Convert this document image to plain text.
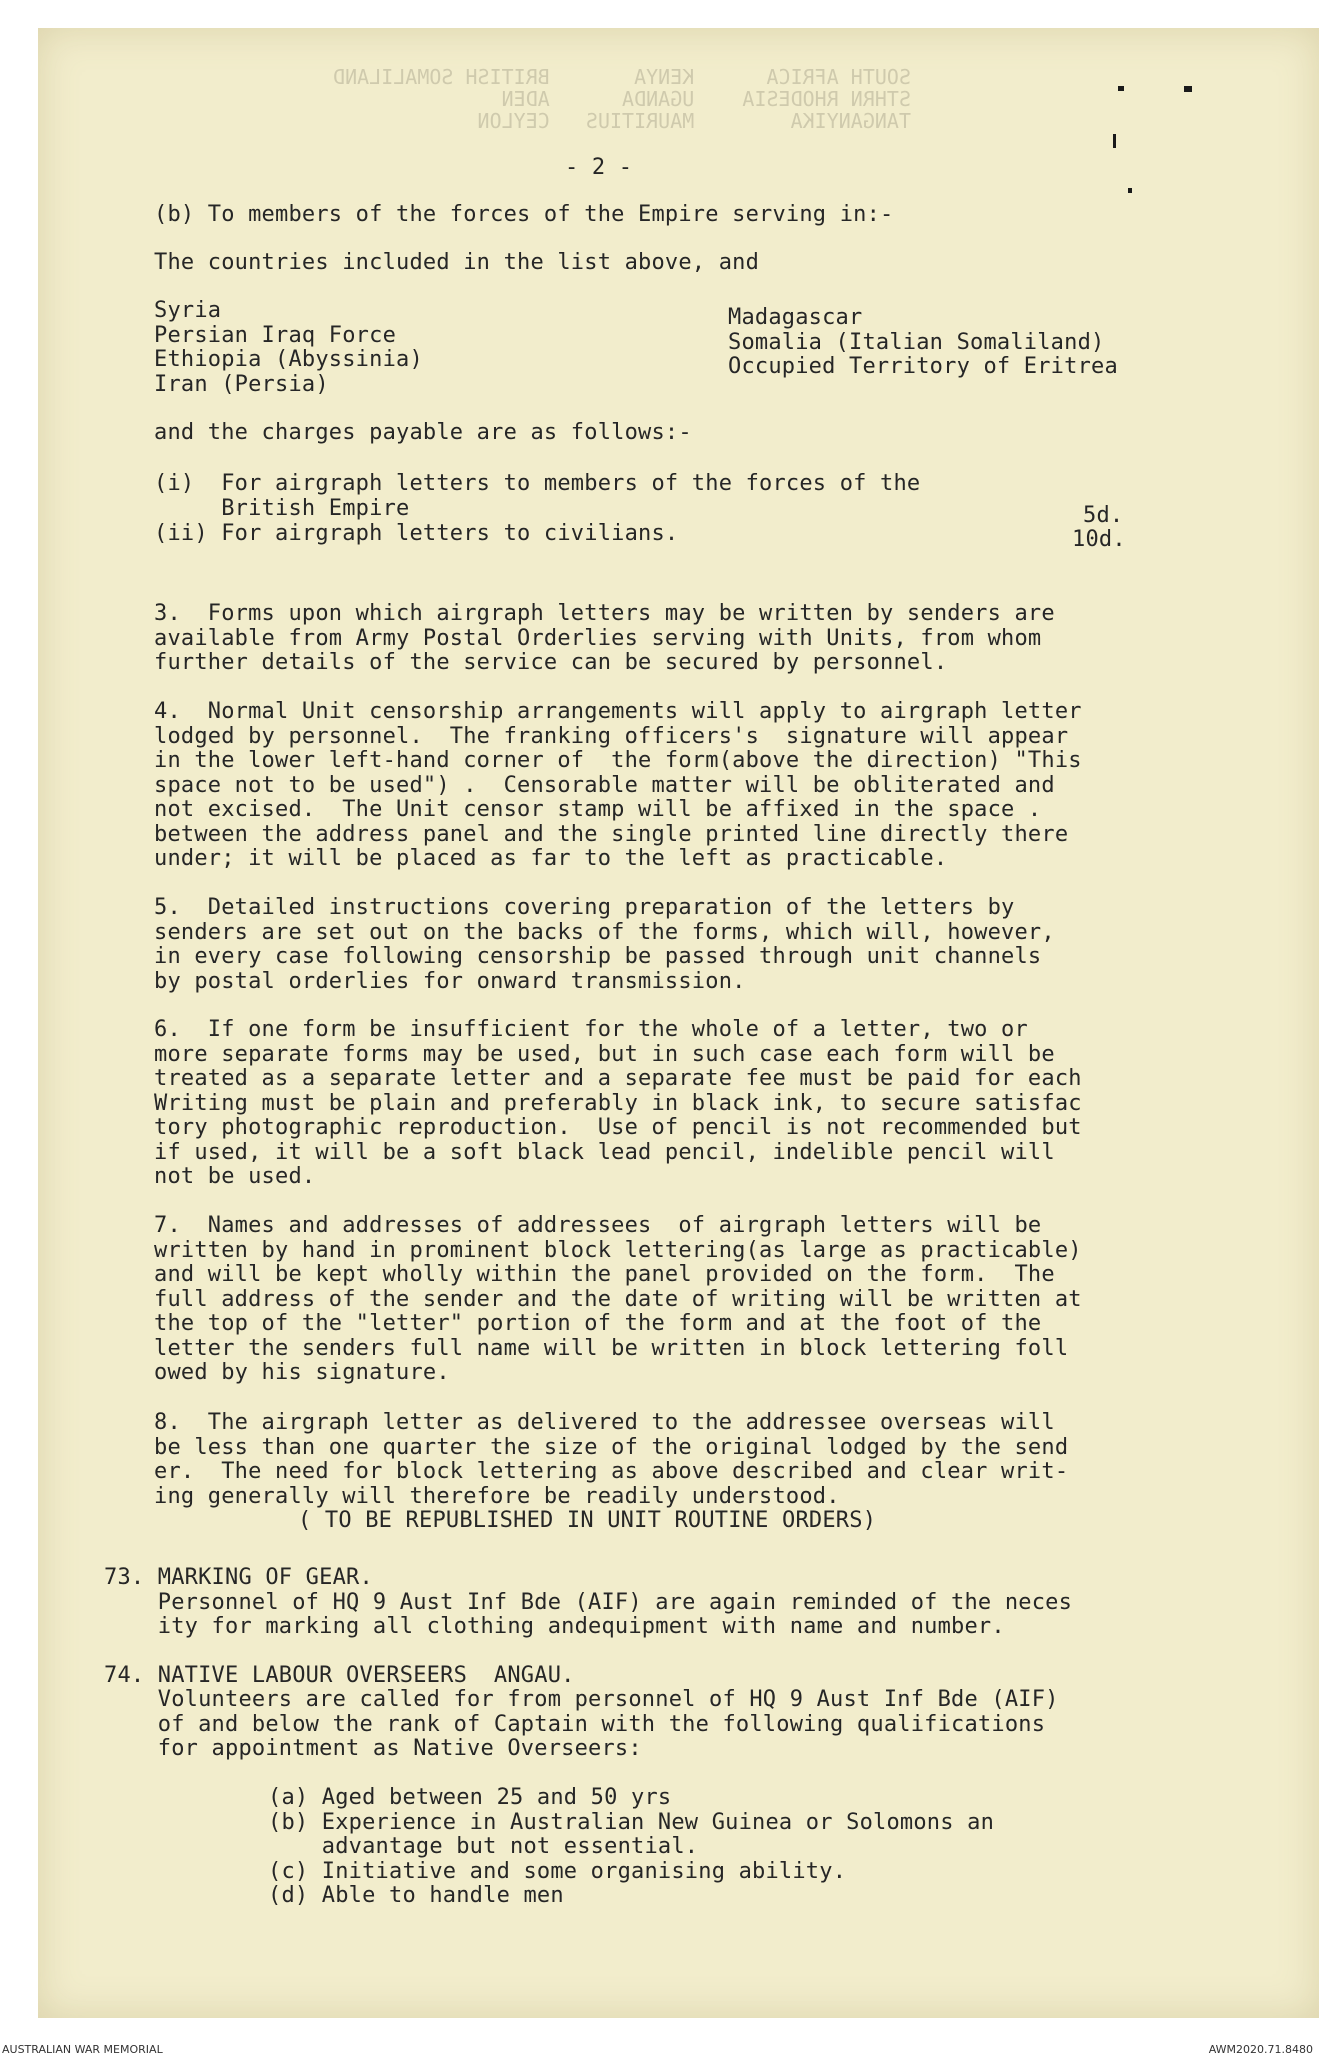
SOUTH AFRICA      KENYA       BRITISH SOMALILAND
STHRN RHODESIA    UGANDA      ADEN
TANGANYIKA        MAURITIUS   CEYLON
- 2 -
(b) To members of the forces of the Empire serving in:-
The countries included in the list above, and
Syria
Persian Iraq Force
Ethiopia (Abyssinia)
Iran (Persia)
Madagascar
Somalia (Italian Somaliland)
Occupied Territory of Eritrea
and the charges payable are as follows:-
(i)  For airgraph letters to members of the forces of the
British Empire	5d.
(ii) For airgraph letters to civilians.	10d.
3.  Forms upon which airgraph letters may be written by senders are
available from Army Postal Orderlies serving with Units, from whom
further details of the service can be secured by personnel.
4.  Normal Unit censorship arrangements will apply to airgraph letter
lodged by personnel.  The franking officers's  signature will appear
in the lower left-hand corner of  the form(above the direction) "This
space not to be used") .  Censorable matter will be obliterated and
not excised.  The Unit censor stamp will be affixed in the space .
between the address panel and the single printed line directly there
under; it will be placed as far to the left as practicable.
5.  Detailed instructions covering preparation of the letters by
senders are set out on the backs of the forms, which will, however,
in every case following censorship be passed through unit channels
by postal orderlies for onward transmission.
6.  If one form be insufficient for the whole of a letter, two or
more separate forms may be used, but in such case each form will be
treated as a separate letter and a separate fee must be paid for each
Writing must be plain and preferably in black ink, to secure satisfac
tory photographic reproduction.  Use of pencil is not recommended but
if used, it will be a soft black lead pencil, indelible pencil will
not be used.
7.  Names and addresses of addressees  of airgraph letters will be
written by hand in prominent block lettering(as large as practicable)
and will be kept wholly within the panel provided on the form.  The
full address of the sender and the date of writing will be written at
the top of the "letter" portion of the form and at the foot of the
letter the senders full name will be written in block lettering foll
owed by his signature.
8.  The airgraph letter as delivered to the addressee overseas will
be less than one quarter the size of the original lodged by the send
er.  The need for block lettering as above described and clear writ-
ing generally will therefore be readily understood.
( TO BE REPUBLISHED IN UNIT ROUTINE ORDERS)
73. MARKING OF GEAR.
Personnel of HQ 9 Aust Inf Bde (AIF) are again reminded of the neces
ity for marking all clothing andequipment with name and number.
74. NATIVE LABOUR OVERSEERS  ANGAU.
Volunteers are called for from personnel of HQ 9 Aust Inf Bde (AIF)
of and below the rank of Captain with the following qualifications
for appointment as Native Overseers:
(a) Aged between 25 and 50 yrs
(b) Experience in Australian New Guinea or Solomons an
advantage but not essential.
(c) Initiative and some organising ability.
(d) Able to handle men
AUSTRALIAN WAR MEMORIAL	AWM2020.71.8480
